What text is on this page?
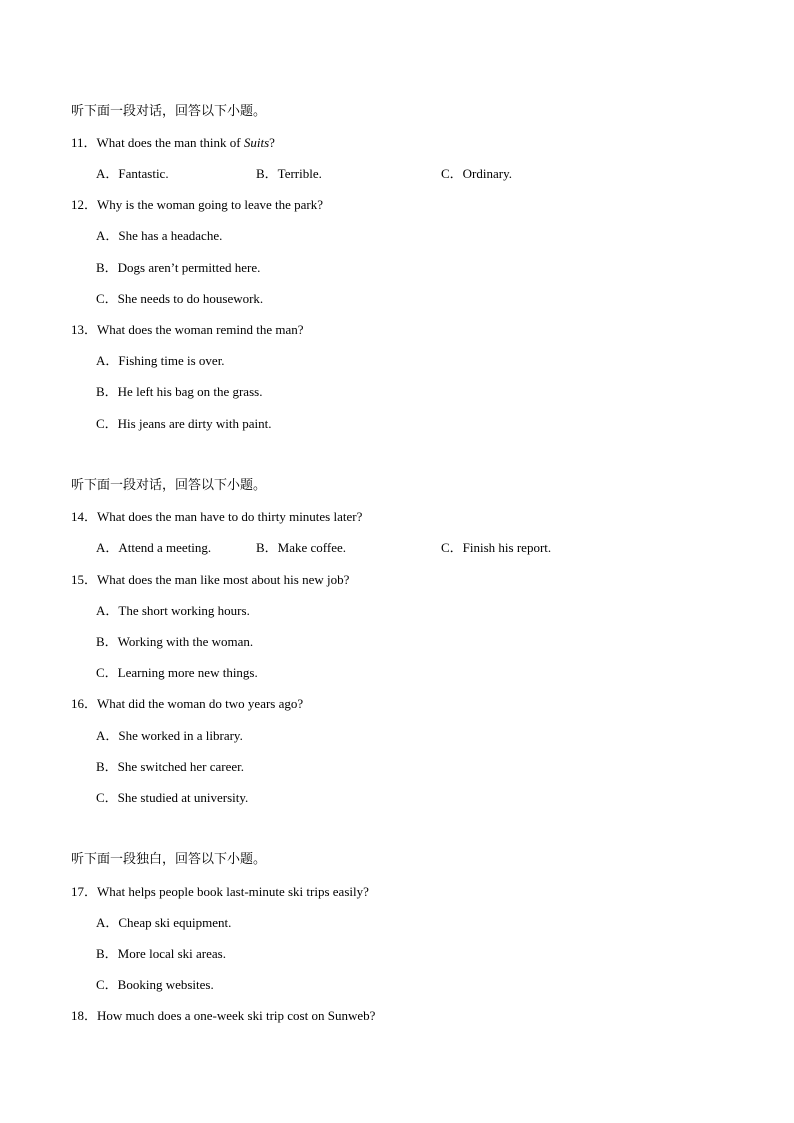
听下面一段对话，回答以下小题。
11．What does the man think of Suits?
A．Fantastic.	B．Terrible.	C．Ordinary.
12．Why is the woman going to leave the park?
A．She has a headache.
B．Dogs aren’t permitted here.
C．She needs to do housework.
13．What does the woman remind the man?
A．Fishing time is over.
B．He left his bag on the grass.
C．His jeans are dirty with paint.
听下面一段对话，回答以下小题。
14．What does the man have to do thirty minutes later?
A．Attend a meeting.	B．Make coffee.	C．Finish his report.
15．What does the man like most about his new job?
A．The short working hours.
B．Working with the woman.
C．Learning more new things.
16．What did the woman do two years ago?
A．She worked in a library.
B．She switched her career.
C．She studied at university.
听下面一段独白，回答以下小题。
17．What helps people book last-minute ski trips easily?
A．Cheap ski equipment.
B．More local ski areas.
C．Booking websites.
18．How much does a one-week ski trip cost on Sunweb?
